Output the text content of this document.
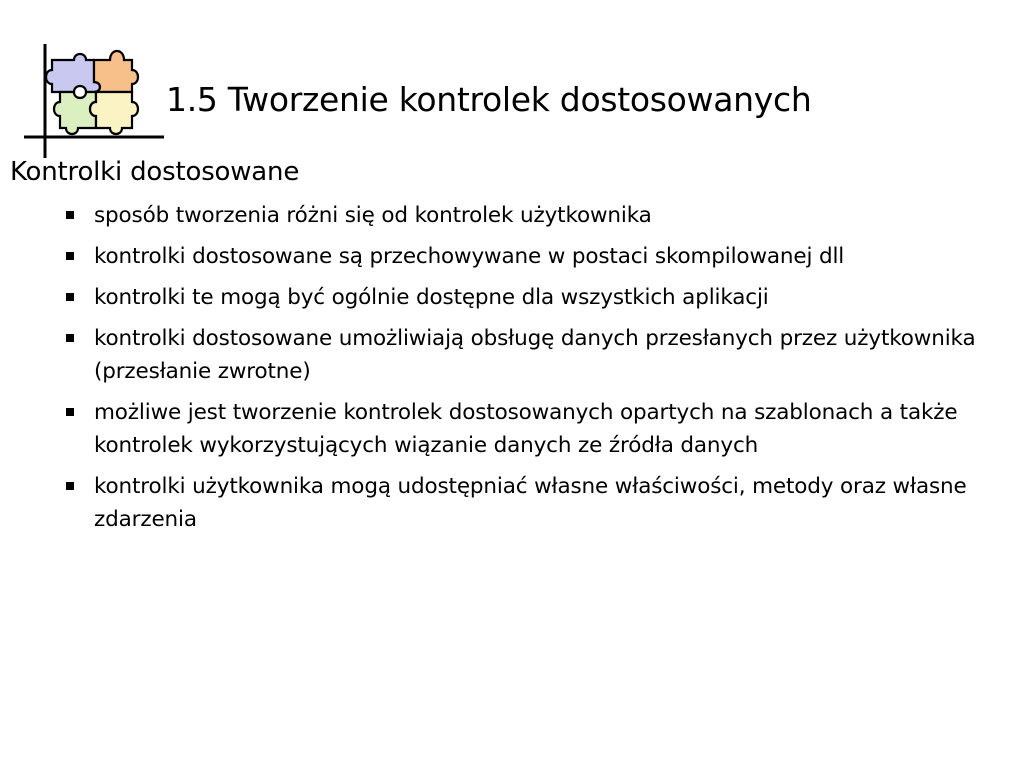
1.5 Tworzenie kontrolek dostosowanych
Kontrolki dostosowane
sposób tworzenia różni się od kontrolek użytkownika
kontrolki dostosowane są przechowywane w postaci skompilowanej dll
kontrolki te mogą być ogólnie dostępne dla wszystkich aplikacji
kontrolki dostosowane umożliwiają obsługę danych przesłanych przez użytkownika (przesłanie zwrotne)
możliwe jest tworzenie kontrolek dostosowanych opartych na szablonach a także kontrolek wykorzystujących wiązanie danych ze źródła danych
kontrolki użytkownika mogą udostępniać własne właściwości, metody oraz własne zdarzenia
